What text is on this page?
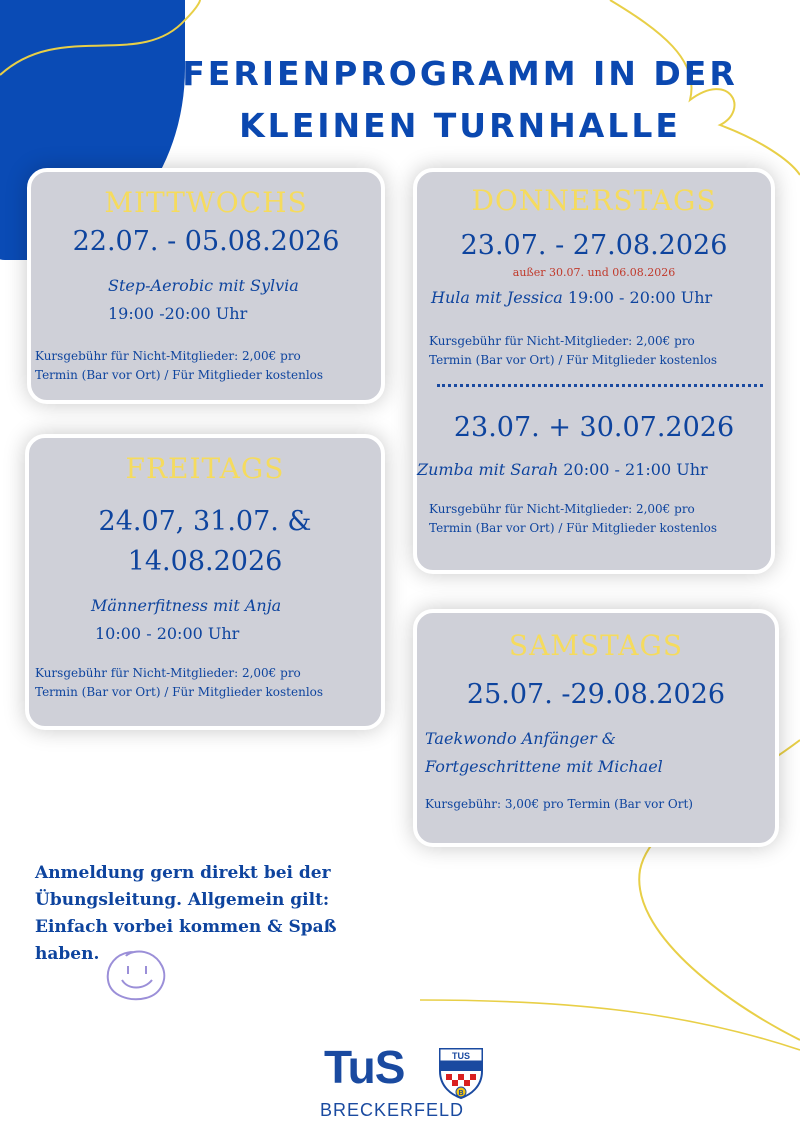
FERIENPROGRAMM IN DER
KLEINEN TURNHALLE
MITTWOCHS
22.07. - 05.08.2026
Step-Aerobic mit Sylvia
19:00 -20:00 Uhr
Kursgebühr für Nicht-Mitglieder: 2,00€ pro
Termin (Bar vor Ort) / Für Mitglieder kostenlos
DONNERSTAGS
23.07. - 27.08.2026
außer 30.07. und 06.08.2026
Hula mit Jessica 19:00 - 20:00 Uhr
Kursgebühr für Nicht-Mitglieder: 2,00€ pro
Termin (Bar vor Ort) / Für Mitglieder kostenlos
23.07. + 30.07.2026
Zumba mit Sarah 20:00 - 21:00 Uhr
Kursgebühr für Nicht-Mitglieder: 2,00€ pro
Termin (Bar vor Ort) / Für Mitglieder kostenlos
FREITAGS
24.07, 31.07. &
14.08.2026
Männerfitness mit Anja
10:00 - 20:00 Uhr
Kursgebühr für Nicht-Mitglieder: 2,00€ pro
Termin (Bar vor Ort) / Für Mitglieder kostenlos
SAMSTAGS
25.07. -29.08.2026
Taekwondo Anfänger &
Fortgeschrittene mit Michael
Kursgebühr: 3,00€ pro Termin (Bar vor Ort)
Anmeldung gern direkt bei der
Übungsleitung. Allgemein gilt:
Einfach vorbei kommen & Spaß
haben.
TuS	TUS
B
BRECKERFELD
